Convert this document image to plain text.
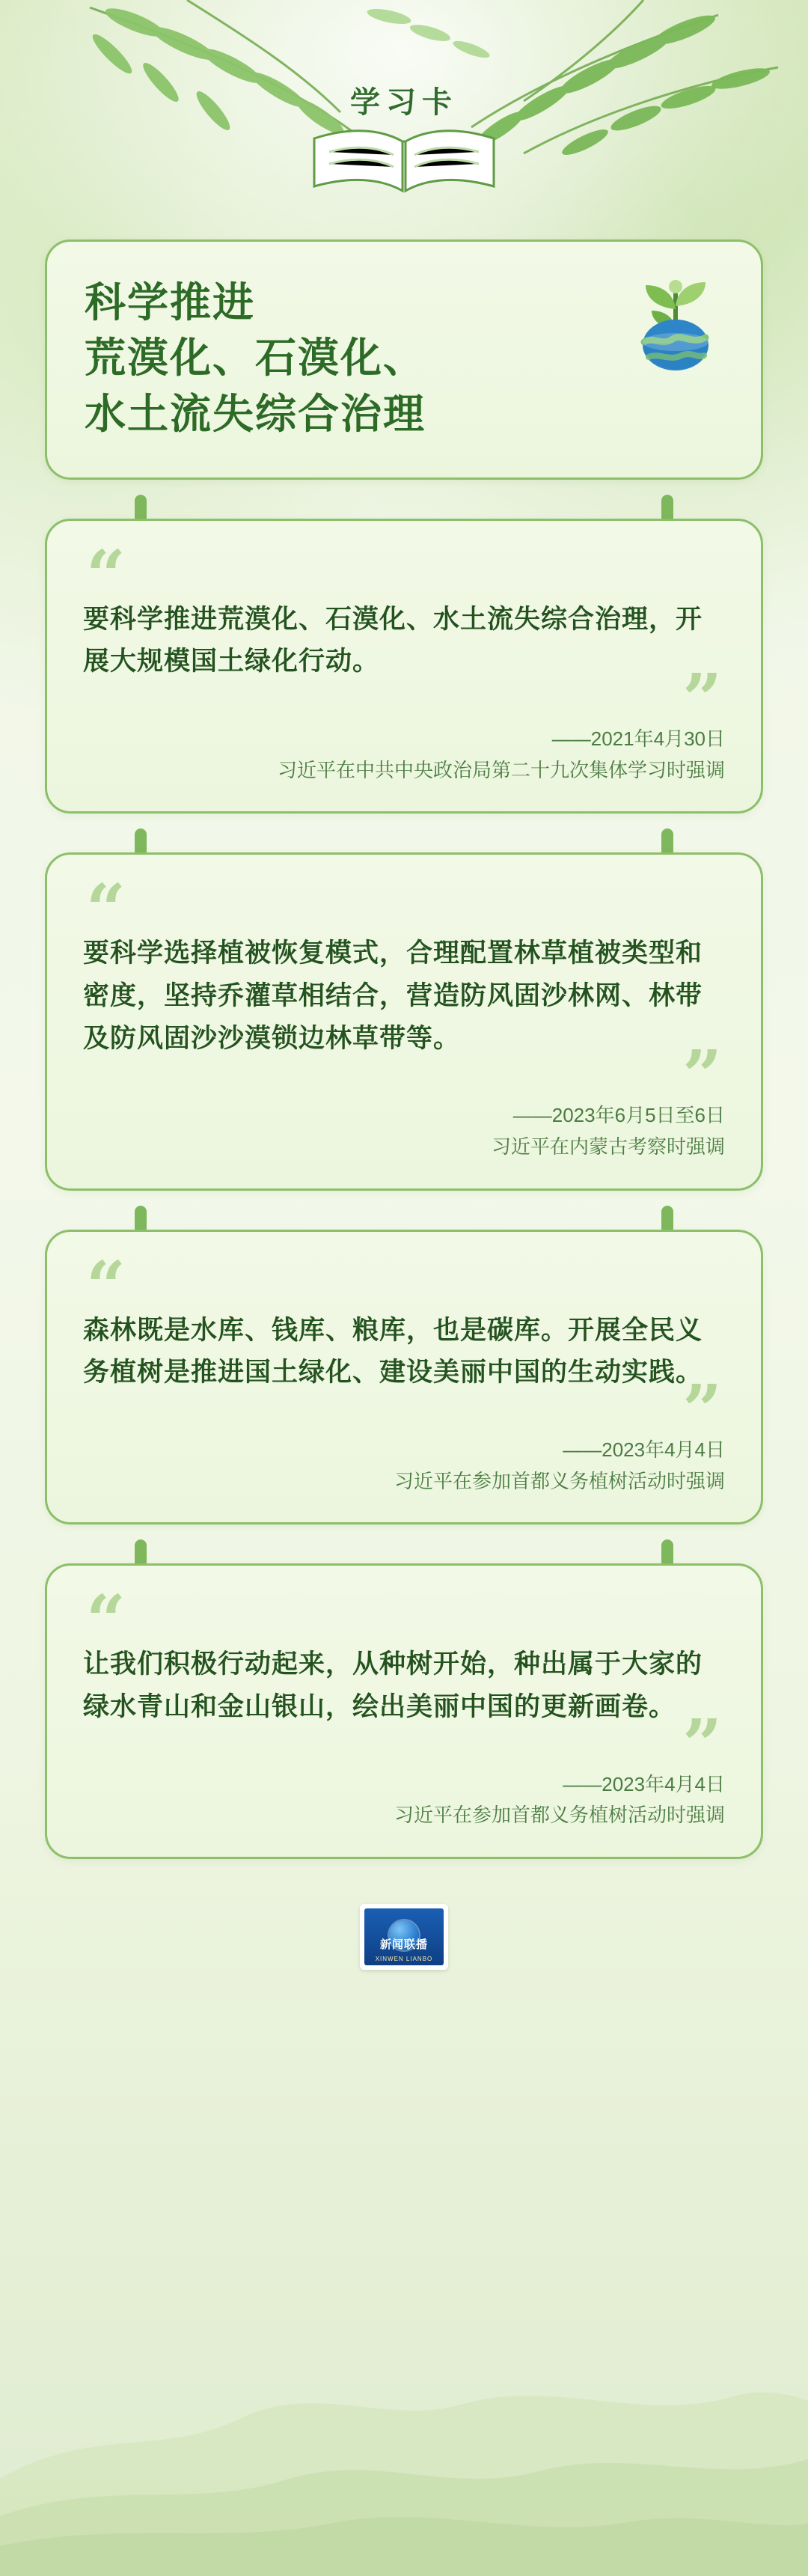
学习卡
科学推进
荒漠化、石漠化、
水土流失综合治理
“
要科学推进荒漠化、石漠化、水土流失综合治理，开展大规模国土绿化行动。	”
——2021年4月30日
习近平在中共中央政治局第二十九次集体学习时强调
“
要科学选择植被恢复模式，合理配置林草植被类型和密度，坚持乔灌草相结合，营造防风固沙林网、林带及防风固沙沙漠锁边林草带等。	”
——2023年6月5日至6日
习近平在内蒙古考察时强调
“
森林既是水库、钱库、粮库，也是碳库。开展全民义务植树是推进国土绿化、建设美丽中国的生动实践。
”
——2023年4月4日
习近平在参加首都义务植树活动时强调
“
让我们积极行动起来，从种树开始，种出属于大家的绿水青山和金山银山，绘出美丽中国的更新画卷。 ”
——2023年4月4日
习近平在参加首都义务植树活动时强调
新闻联播
XINWEN LIANBO
